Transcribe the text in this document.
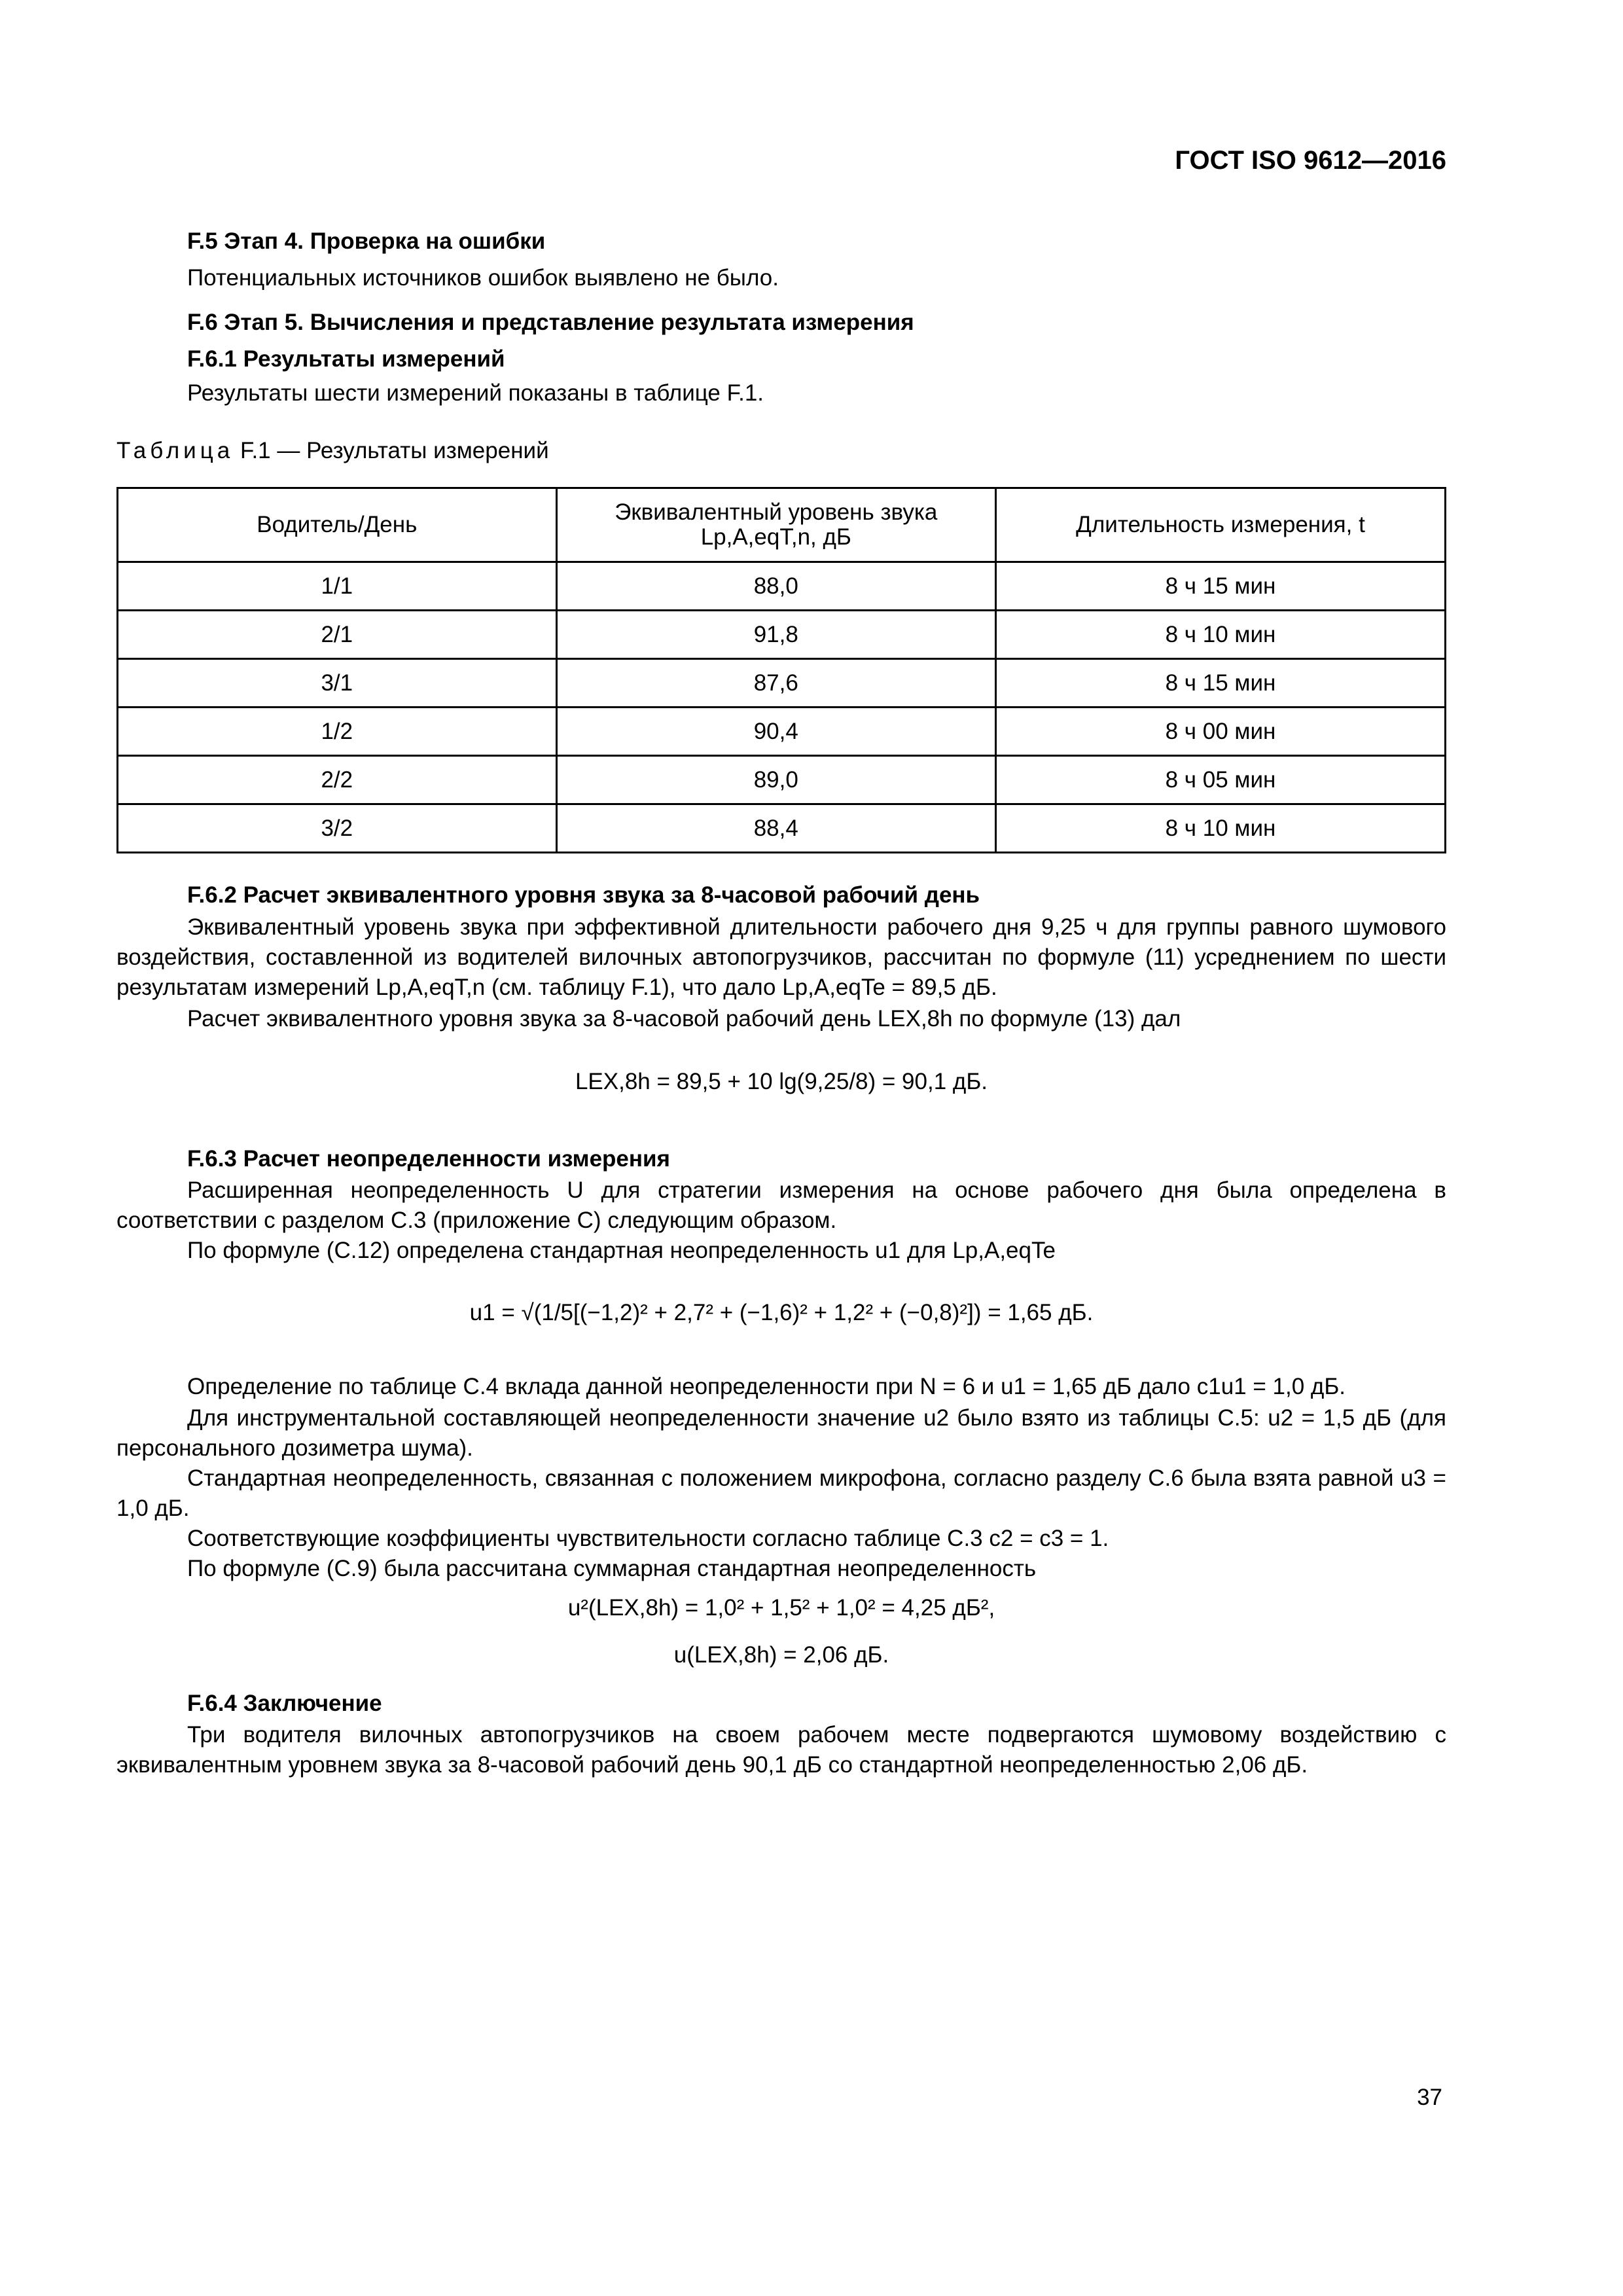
ГОСТ ISO 9612—2016
F.5 Этап 4. Проверка на ошибки
Потенциальных источников ошибок выявлено не было.
F.6 Этап 5. Вычисления и представление результата измерения
F.6.1 Результаты измерений
Результаты шести измерений показаны в таблице F.1.
Таблица F.1 — Результаты измерений
Водитель/День	Эквивалентный уровень звука Lp,A,eqT,n, дБ	Длительность измерения, t
1/1	88,0	8 ч 15 мин
2/1	91,8	8 ч 10 мин
3/1	87,6	8 ч 15 мин
1/2	90,4	8 ч 00 мин
2/2	89,0	8 ч 05 мин
3/2	88,4	8 ч 10 мин
F.6.2 Расчет эквивалентного уровня звука за 8-часовой рабочий день
Эквивалентный уровень звука при эффективной длительности рабочего дня 9,25 ч для группы равного шумового воздействия, составленной из водителей вилочных автопогрузчиков, рассчитан по формуле (11) усреднением по шести результатам измерений Lp,A,eqT,n (см. таблицу F.1), что дало Lp,A,eqTe = 89,5 дБ.
Расчет эквивалентного уровня звука за 8-часовой рабочий день LEX,8h по формуле (13) дал
LEX,8h = 89,5 + 10 lg(9,25/8) = 90,1 дБ.
F.6.3 Расчет неопределенности измерения
Расширенная неопределенность U для стратегии измерения на основе рабочего дня была определена в соответствии с разделом С.3 (приложение С) следующим образом.
По формуле (С.12) определена стандартная неопределенность u1 для Lp,A,eqTe
u1 = √(1/5[(−1,2)² + 2,7² + (−1,6)² + 1,2² + (−0,8)²]) = 1,65 дБ.
Определение по таблице С.4 вклада данной неопределенности при N = 6 и u1 = 1,65 дБ дало c1u1 = 1,0 дБ.
Для инструментальной составляющей неопределенности значение u2 было взято из таблицы С.5: u2 = 1,5 дБ (для персонального дозиметра шума).
Стандартная неопределенность, связанная с положением микрофона, согласно разделу С.6 была взята равной u3 = 1,0 дБ.
Соответствующие коэффициенты чувствительности согласно таблице С.3 c2 = c3 = 1.
По формуле (С.9) была рассчитана суммарная стандартная неопределенность
u²(LEX,8h) = 1,0² + 1,5² + 1,0² = 4,25 дБ²,
u(LEX,8h) = 2,06 дБ.
F.6.4 Заключение
Три водителя вилочных автопогрузчиков на своем рабочем месте подвергаются шумовому воздействию с эквивалентным уровнем звука за 8-часовой рабочий день 90,1 дБ со стандартной неопределенностью 2,06 дБ.
37
